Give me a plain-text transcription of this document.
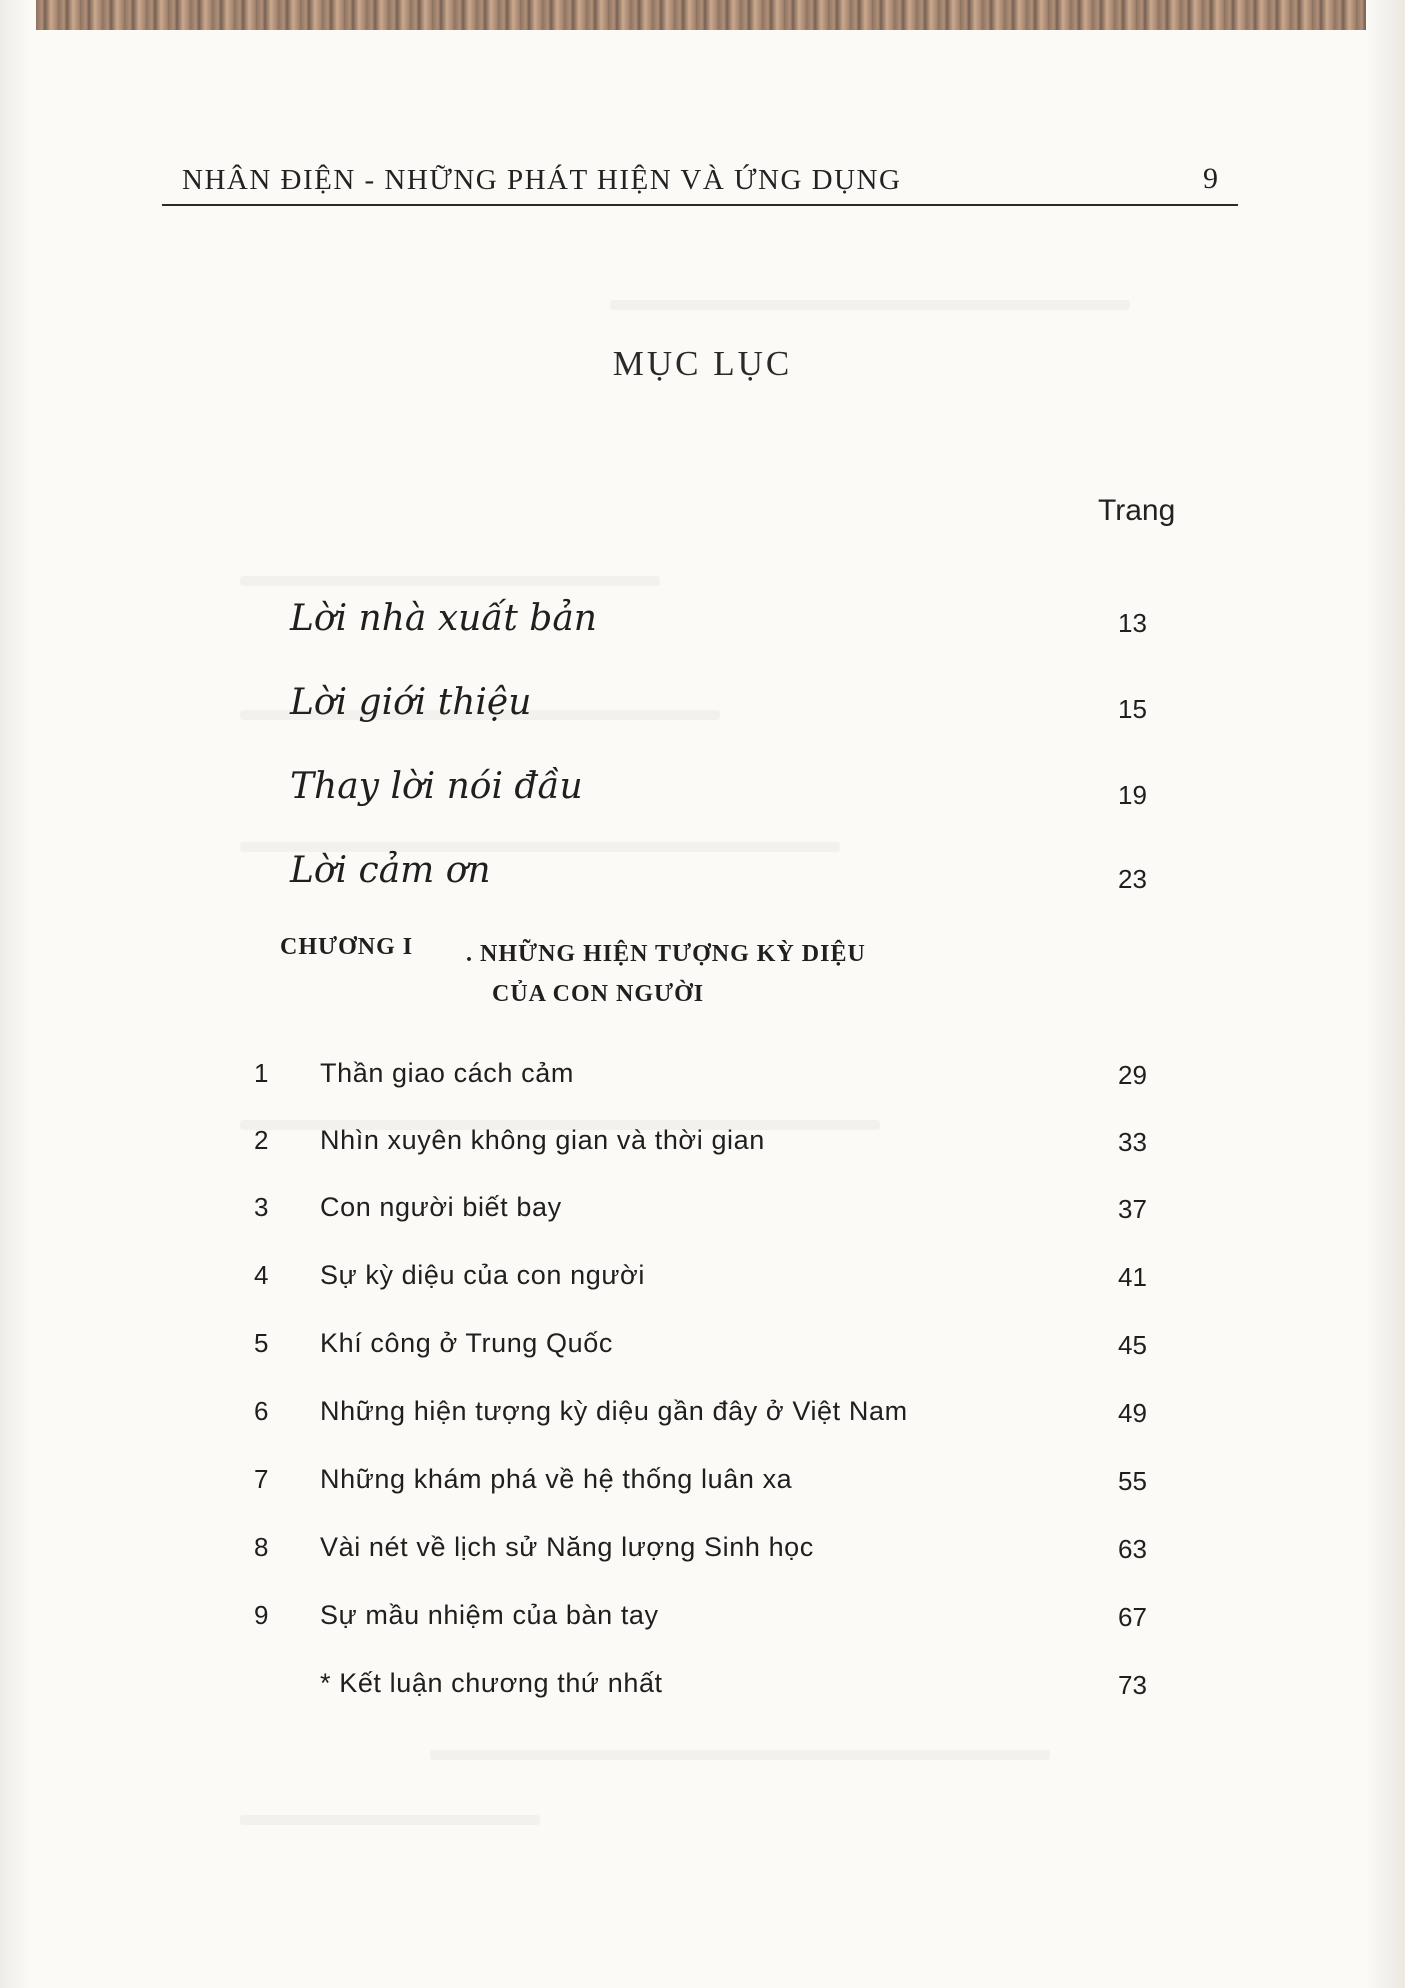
NHÂN ĐIỆN - NHỮNG PHÁT HIỆN VÀ ỨNG DỤNG	9
MỤC LỤC
Trang
Lời nhà xuất bản	13
Lời giới thiệu	15
Thay lời nói đầu	19
Lời cảm ơn	23
CHƯƠNG I . NHỮNG HIỆN TƯỢNG KỲ DIỆU
CỦA CON NGƯỜI
1 Thần giao cách cảm	29
2 Nhìn xuyên không gian và thời gian	33
3 Con người biết bay	37
4 Sự kỳ diệu của con người	41
5 Khí công ở Trung Quốc	45
6 Những hiện tượng kỳ diệu gần đây ở Việt Nam	49
7 Những khám phá về hệ thống luân xa	55
8 Vài nét về lịch sử Năng lượng Sinh học	63
9 Sự mầu nhiệm của bàn tay	67
* Kết luận chương thứ nhất	73
